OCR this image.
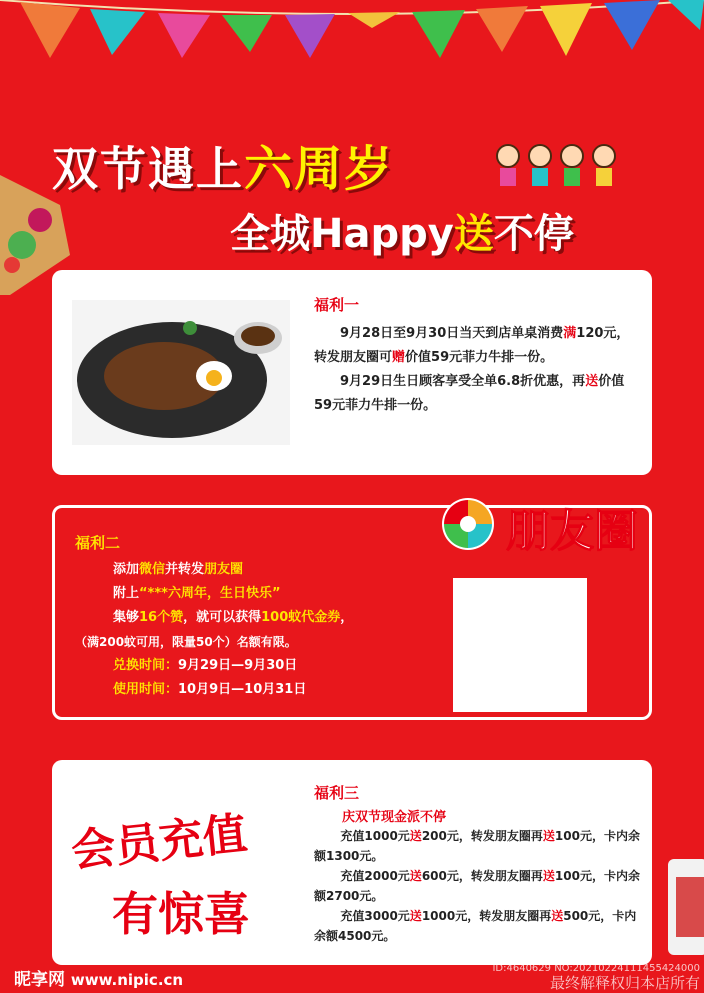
双节遇上六周岁
全城Happy送不停
福利一

9月28日至9月30日当天到店单桌消费满120元，转发朋友圈可赠价值59元菲力牛排一份。

9月29日生日顾客享受全单6.8折优惠，再送价值59元菲力牛排一份。

福利二
添加微信并转发朋友圈
附上“***六周年，生日快乐”
集够16个赞，就可以获得100蚊代金券，
（满200蚊可用，限量50个）名额有限。
兑换时间：9月29日—9月30日
使用时间：10月9日—10月31日
朋友圈
会员充值
有惊喜
福利三
庆双节现金派不停

充值1000元送200元，转发朋友圈再送100元，卡内余额1300元。

充值2000元送600元，转发朋友圈再送100元，卡内余额2700元。

充值3000元送1000元，转发朋友圈再送500元，卡内余额4500元。

昵享网 www.nipic.cn
ID:4640629 NO:20210224111455424000
最终解释权归本店所有
